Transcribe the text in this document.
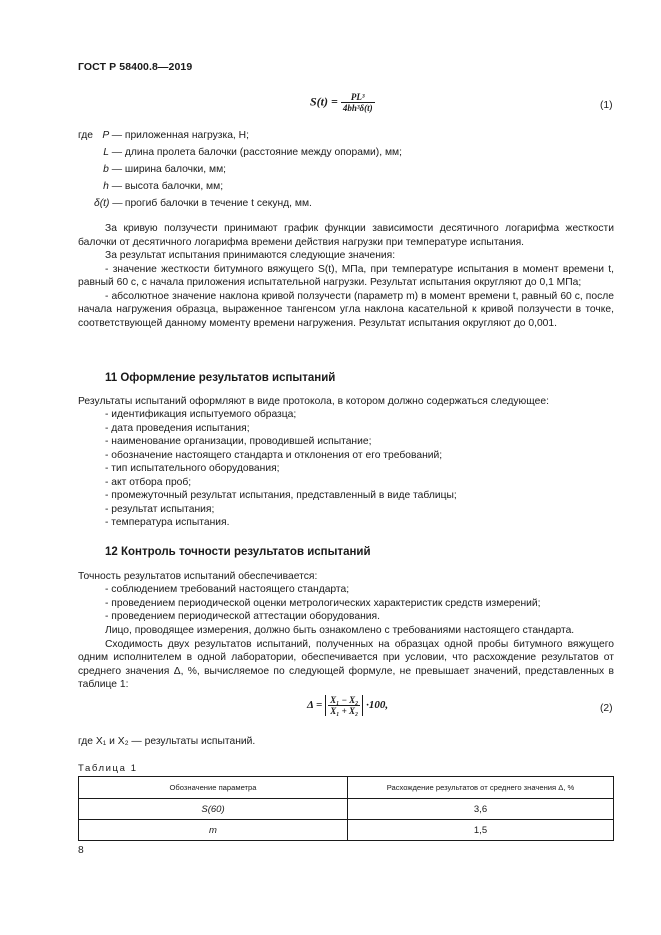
ГОСТ Р 58400.8—2019
$S(t) = \frac{\text{PL³}}{\text{4bh³δ(t)}}$	(1)
где P — приложенная нагрузка, Н;
L — длина пролета балочки (расстояние между опорами), мм;
b — ширина балочки, мм;
h — высота балочки, мм;
δ(t) — прогиб балочки в течение t секунд, мм.

За кривую ползучести принимают график функции зависимости десятичного логарифма жесткости балочки от десятичного логарифма времени действия нагрузки при температуре испытания.

За результат испытания принимаются следующие значения:

- значение жесткости битумного вяжущего S(t), МПа, при температуре испытания в момент времени t, равный 60 с, с начала приложения испытательной нагрузки. Результат испытания округляют до 0,1 МПа;

- абсолютное значение наклона кривой ползучести (параметр m) в момент времени t, равный 60 с, после начала нагружения образца, выраженное тангенсом угла наклона касательной к кривой ползучести в точке, соответствующей данному моменту времени нагружения. Результат испытания округляют до 0,001.

11 Оформление результатов испытаний

Результаты испытаний оформляют в виде протокола, в котором должно содержаться следующее:

- идентификация испытуемого образца;
- дата проведения испытания;
- наименование организации, проводившей испытание;
- обозначение настоящего стандарта и отклонения от его требований;
- тип испытательного оборудования;
- акт отбора проб;
- промежуточный результат испытания, представленный в виде таблицы;
- результат испытания;
- температура испытания.
12 Контроль точности результатов испытаний

Точность результатов испытаний обеспечивается:

- соблюдением требований настоящего стандарта;
- проведением периодической оценки метрологических характеристик средств измерений;
- проведением периодической аттестации оборудования.

Лицо, проводящее измерения, должно быть ознакомлено с требованиями настоящего стандарта.

Сходимость двух результатов испытаний, полученных на образцах одной пробы битумного вяжущего одним исполнителем в одной лаборатории, обеспечивается при условии, что расхождение результатов от среднего значения Δ, %, вычисляемое по следующей формуле, не превышает значений, представленных в таблице 1:

$\Delta = \frac{\text{X₁ − X₂}}{\text{X₁ + X₂}} \cdot 100$,	(2)
где X₁ и X₂ — результаты испытаний.
Таблица 1
Обозначение параметра	Расхождение результатов от среднего значения Δ, %
S(60)	3,6
m	1,5
8
